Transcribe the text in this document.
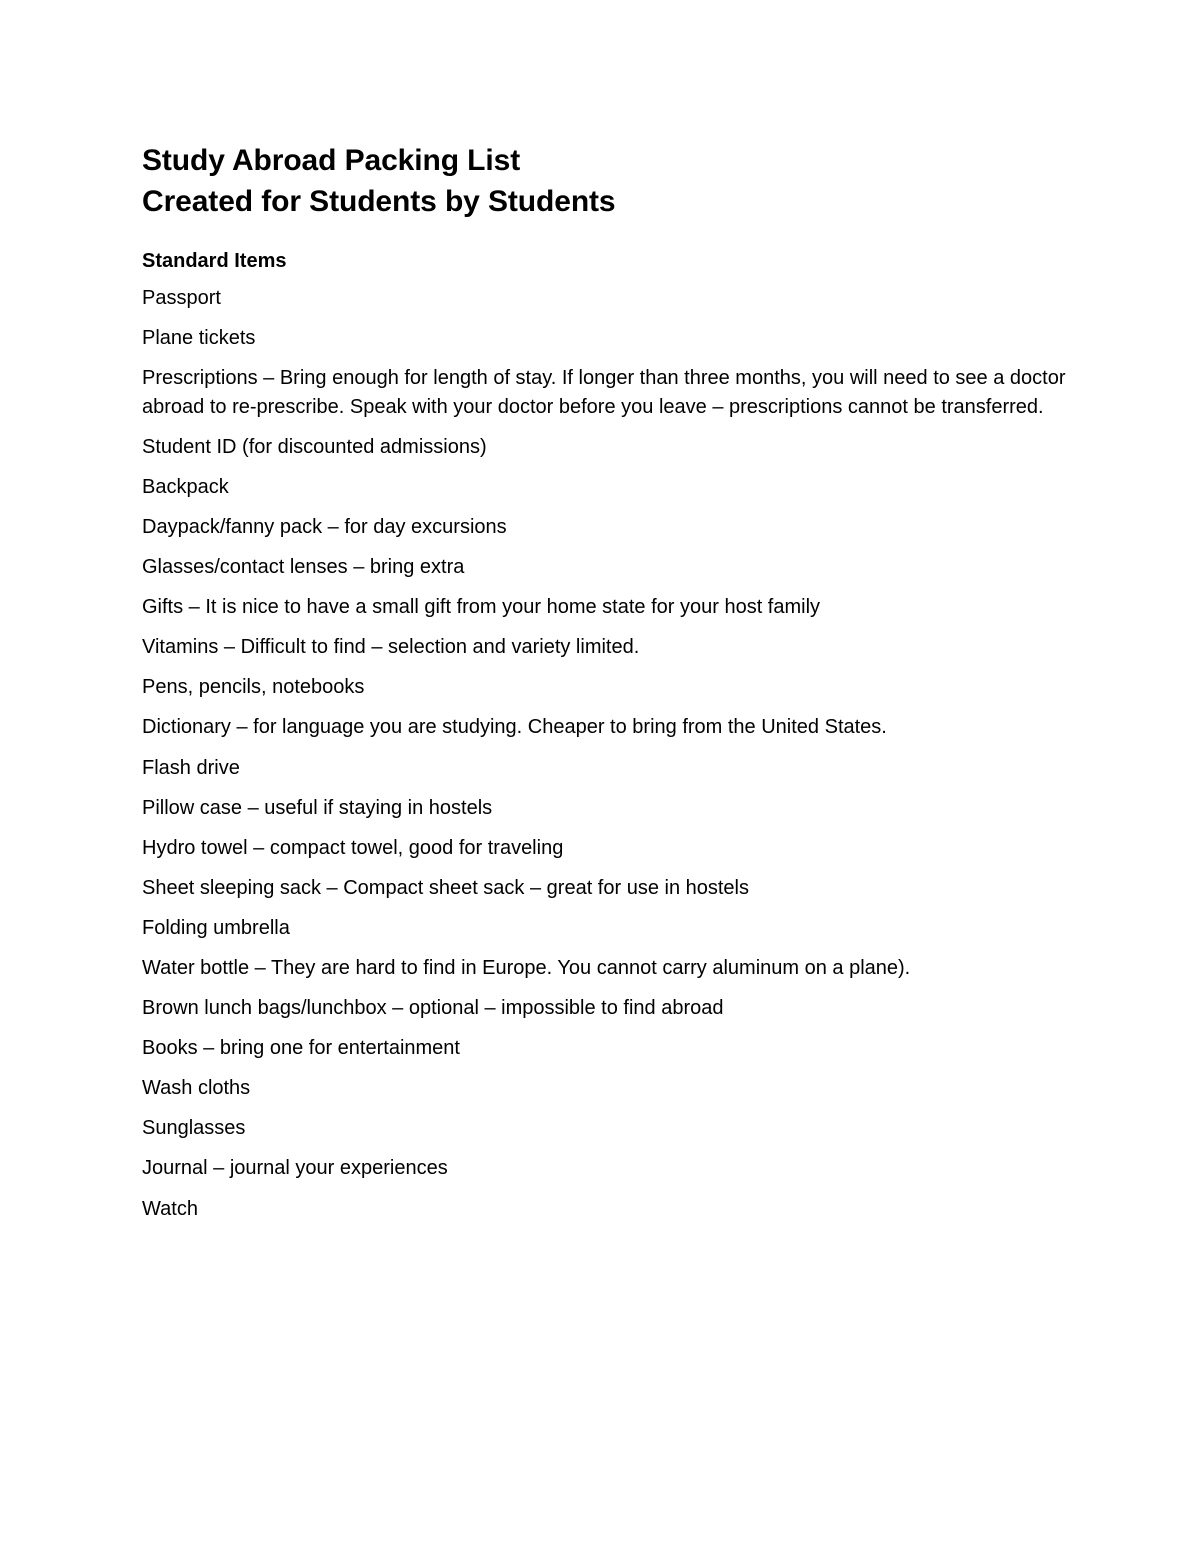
Study Abroad Packing List
Created for Students by Students
Standard Items
Passport
Plane tickets
Prescriptions – Bring enough for length of stay. If longer than three months, you will need to see a doctor abroad to re-prescribe. Speak with your doctor before you leave – prescriptions cannot be transferred.
Student ID (for discounted admissions)
Backpack
Daypack/fanny pack – for day excursions
Glasses/contact lenses – bring extra
Gifts – It is nice to have a small gift from your home state for your host family
Vitamins – Difficult to find – selection and variety limited.
Pens, pencils, notebooks
Dictionary – for language you are studying. Cheaper to bring from the United States.
Flash drive
Pillow case – useful if staying in hostels
Hydro towel – compact towel, good for traveling
Sheet sleeping sack – Compact sheet sack – great for use in hostels
Folding umbrella
Water bottle – They are hard to find in Europe. You cannot carry aluminum on a plane).
Brown lunch bags/lunchbox – optional – impossible to find abroad
Books – bring one for entertainment
Wash cloths
Sunglasses
Journal – journal your experiences
Watch
